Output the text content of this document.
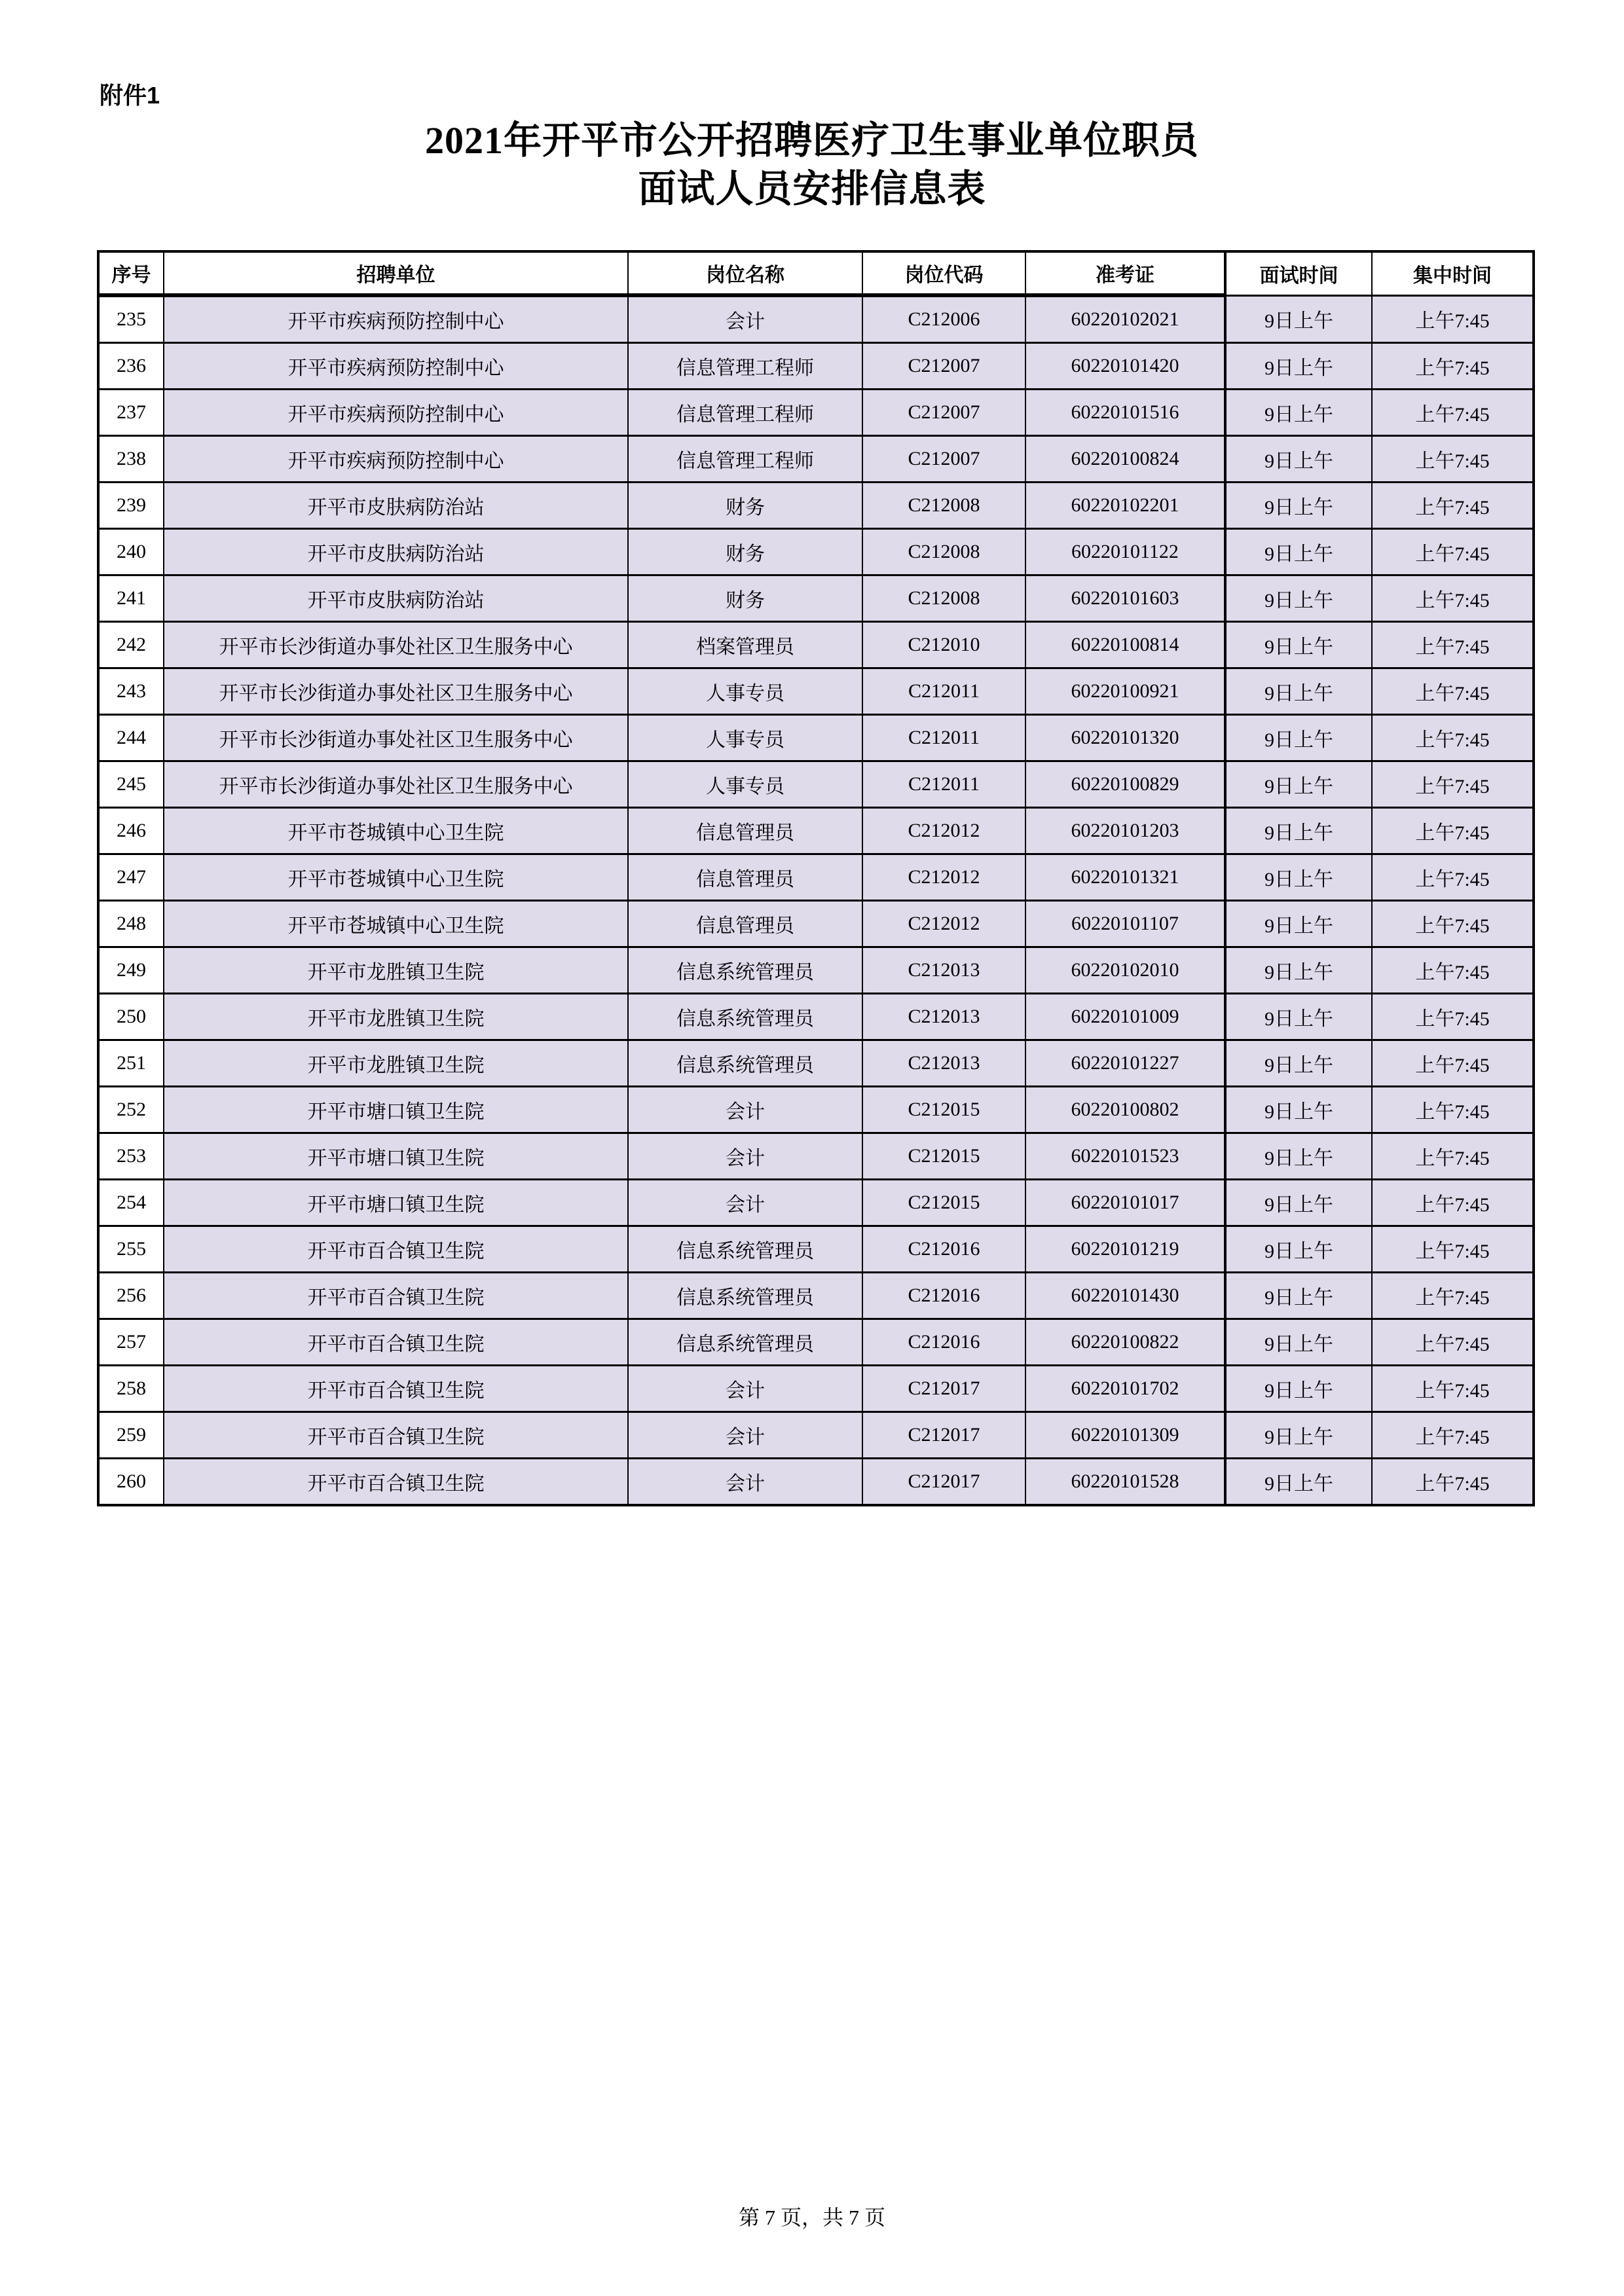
附件1
2021年开平市公开招聘医疗卫生事业单位职员
面试人员安排信息表
序号	招聘单位	岗位名称	岗位代码	准考证	面试时间	集中时间
235	开平市疾病预防控制中心	会计	C212006	60220102021	9日上午	上午7:45
236	开平市疾病预防控制中心	信息管理工程师	C212007	60220101420	9日上午	上午7:45
237	开平市疾病预防控制中心	信息管理工程师	C212007	60220101516	9日上午	上午7:45
238	开平市疾病预防控制中心	信息管理工程师	C212007	60220100824	9日上午	上午7:45
239	开平市皮肤病防治站	财务	C212008	60220102201	9日上午	上午7:45
240	开平市皮肤病防治站	财务	C212008	60220101122	9日上午	上午7:45
241	开平市皮肤病防治站	财务	C212008	60220101603	9日上午	上午7:45
242	开平市长沙街道办事处社区卫生服务中心	档案管理员	C212010	60220100814	9日上午	上午7:45
243	开平市长沙街道办事处社区卫生服务中心	人事专员	C212011	60220100921	9日上午	上午7:45
244	开平市长沙街道办事处社区卫生服务中心	人事专员	C212011	60220101320	9日上午	上午7:45
245	开平市长沙街道办事处社区卫生服务中心	人事专员	C212011	60220100829	9日上午	上午7:45
246	开平市苍城镇中心卫生院	信息管理员	C212012	60220101203	9日上午	上午7:45
247	开平市苍城镇中心卫生院	信息管理员	C212012	60220101321	9日上午	上午7:45
248	开平市苍城镇中心卫生院	信息管理员	C212012	60220101107	9日上午	上午7:45
249	开平市龙胜镇卫生院	信息系统管理员	C212013	60220102010	9日上午	上午7:45
250	开平市龙胜镇卫生院	信息系统管理员	C212013	60220101009	9日上午	上午7:45
251	开平市龙胜镇卫生院	信息系统管理员	C212013	60220101227	9日上午	上午7:45
252	开平市塘口镇卫生院	会计	C212015	60220100802	9日上午	上午7:45
253	开平市塘口镇卫生院	会计	C212015	60220101523	9日上午	上午7:45
254	开平市塘口镇卫生院	会计	C212015	60220101017	9日上午	上午7:45
255	开平市百合镇卫生院	信息系统管理员	C212016	60220101219	9日上午	上午7:45
256	开平市百合镇卫生院	信息系统管理员	C212016	60220101430	9日上午	上午7:45
257	开平市百合镇卫生院	信息系统管理员	C212016	60220100822	9日上午	上午7:45
258	开平市百合镇卫生院	会计	C212017	60220101702	9日上午	上午7:45
259	开平市百合镇卫生院	会计	C212017	60220101309	9日上午	上午7:45
260	开平市百合镇卫生院	会计	C212017	60220101528	9日上午	上午7:45
第 7 页，共 7 页
